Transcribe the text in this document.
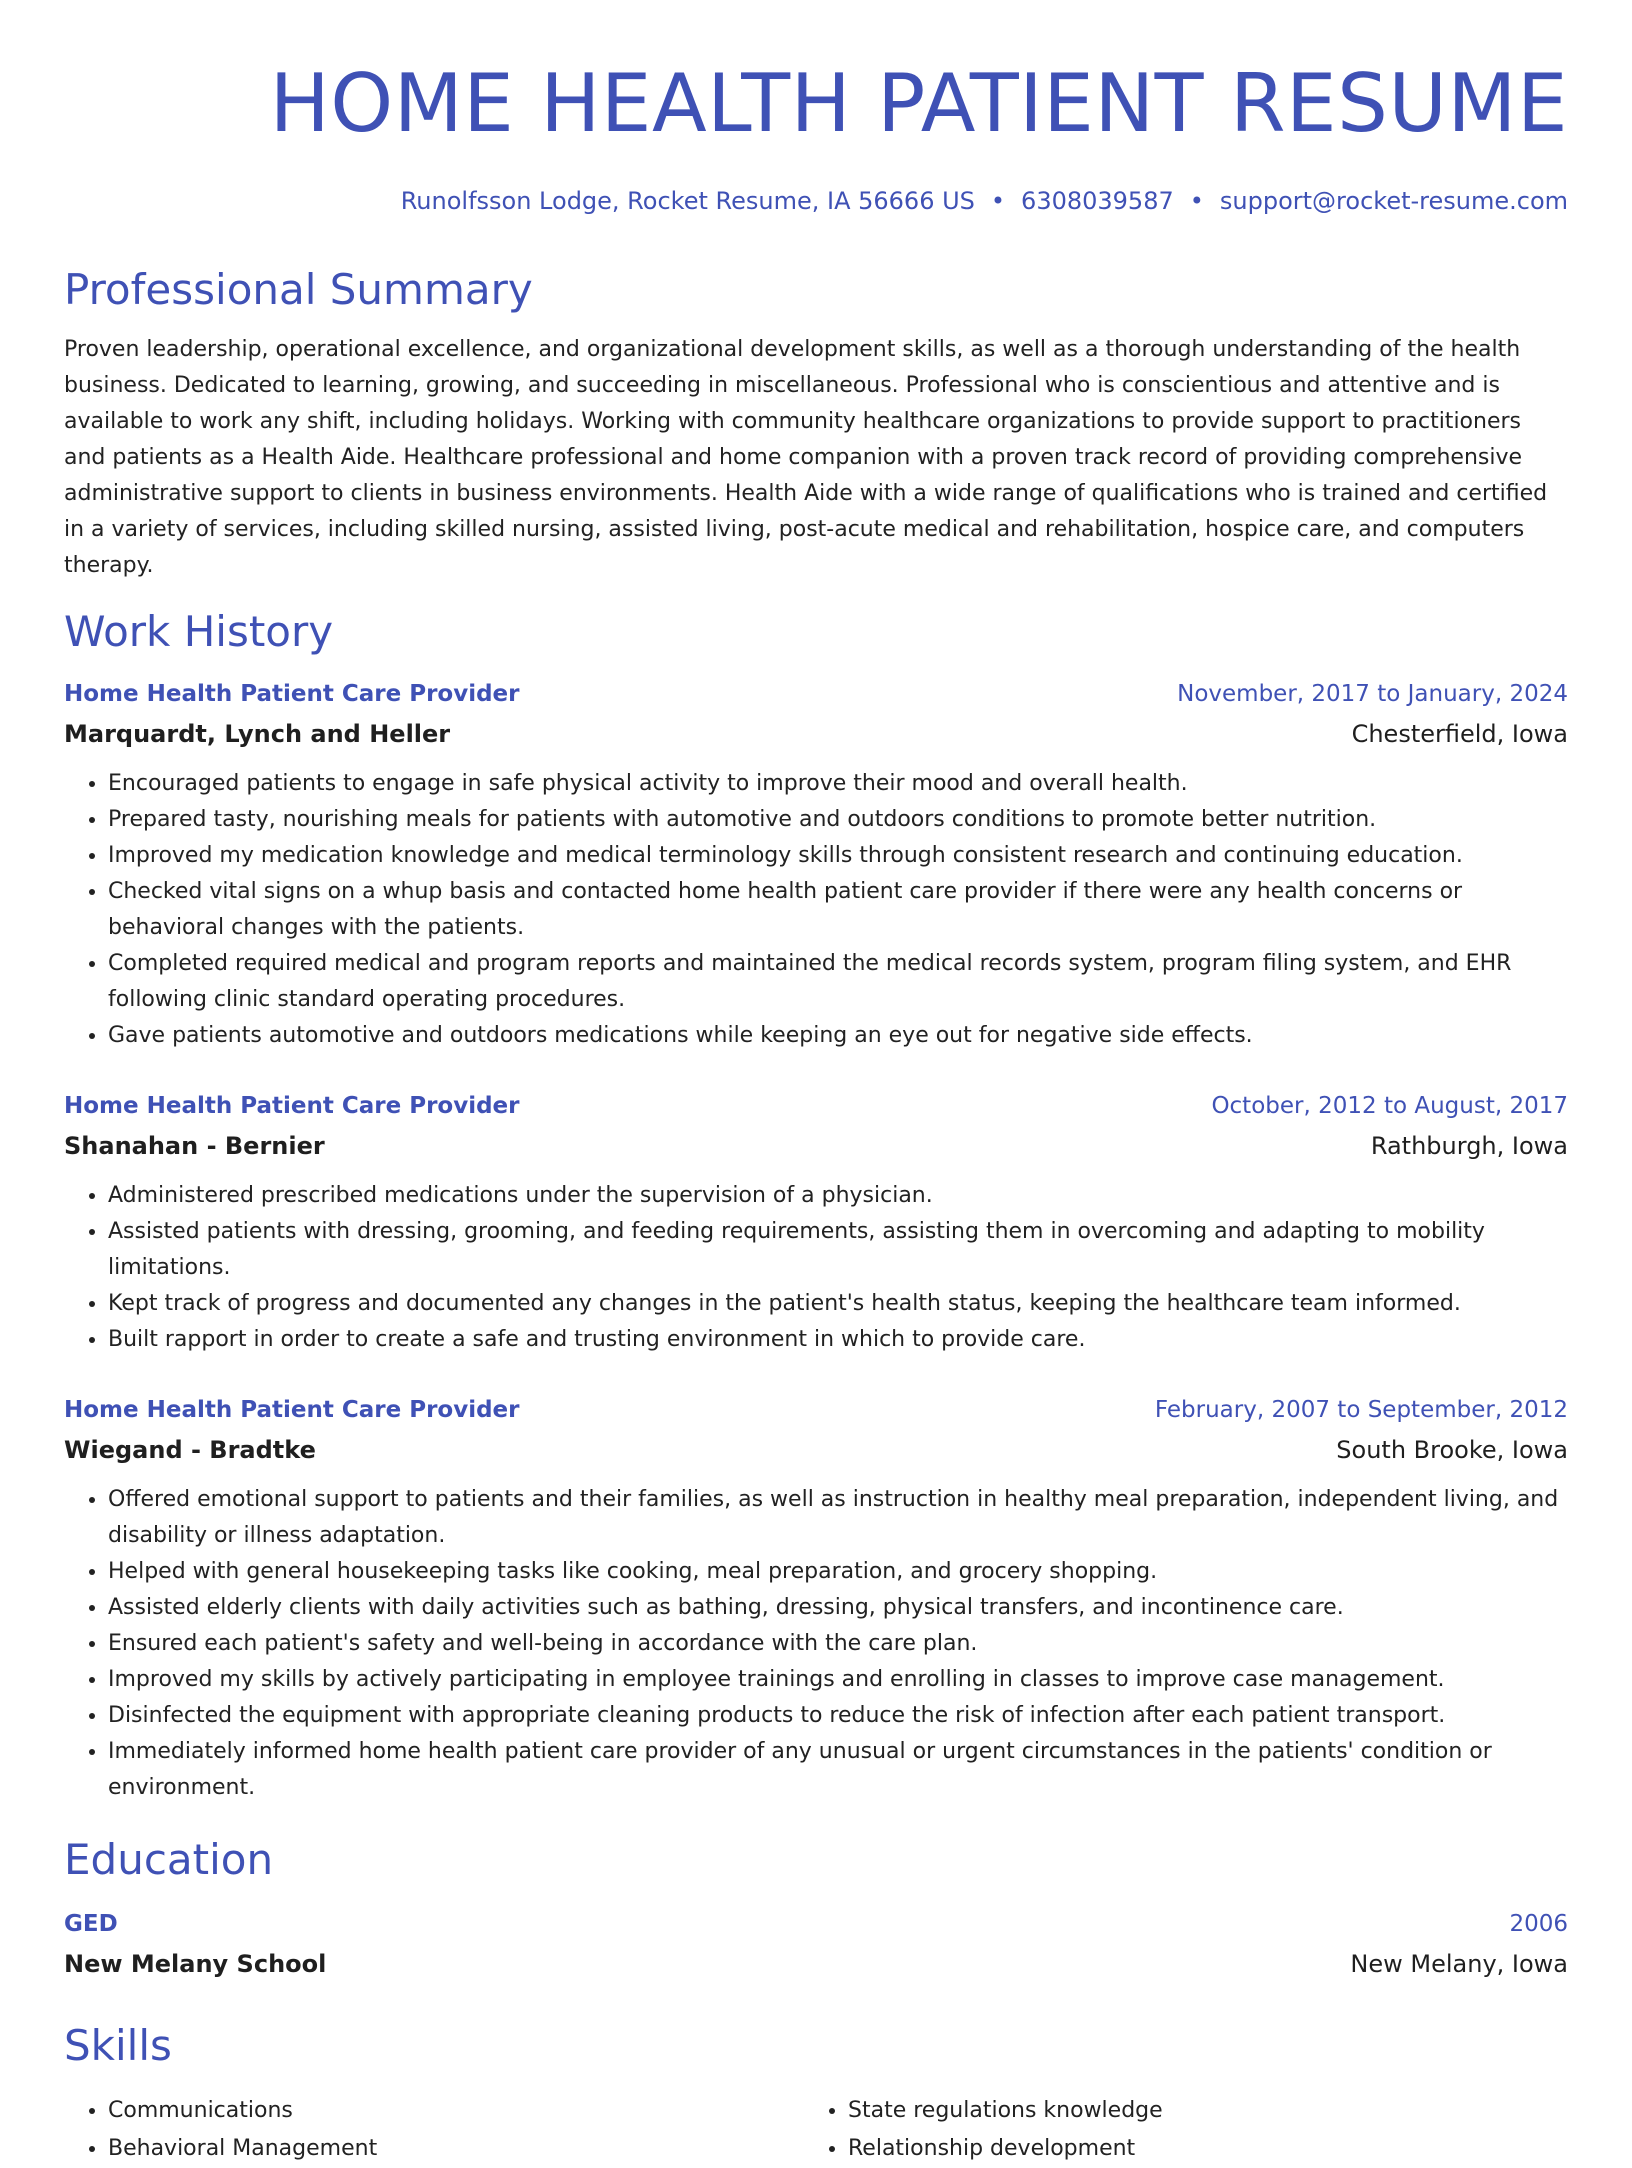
HOME HEALTH PATIENT RESUME
Runolfsson Lodge, Rocket Resume, IA 56666 US • 6308039587 • support@rocket-resume.com
Professional Summary
Proven leadership, operational excellence, and organizational development skills, as well as a thorough understanding of the health business. Dedicated to learning, growing, and succeeding in miscellaneous. Professional who is conscientious and attentive and is available to work any shift, including holidays. Working with community healthcare organizations to provide support to practitioners and patients as a Health Aide. Healthcare professional and home companion with a proven track record of providing comprehensive administrative support to clients in business environments. Health Aide with a wide range of qualifications who is trained and certified in a variety of services, including skilled nursing, assisted living, post-acute medical and rehabilitation, hospice care, and computers therapy.
Work History
Home Health Patient Care Provider	November, 2017 to January, 2024
Marquardt, Lynch and Heller	Chesterfield, Iowa
• Encouraged patients to engage in safe physical activity to improve their mood and overall health.
• Prepared tasty, nourishing meals for patients with automotive and outdoors conditions to promote better nutrition.
• Improved my medication knowledge and medical terminology skills through consistent research and continuing education.
• Checked vital signs on a whup basis and contacted home health patient care provider if there were any health concerns or behavioral changes with the patients.
• Completed required medical and program reports and maintained the medical records system, program filing system, and EHR following clinic standard operating procedures.
• Gave patients automotive and outdoors medications while keeping an eye out for negative side effects.
Home Health Patient Care Provider	October, 2012 to August, 2017
Shanahan - Bernier	Rathburgh, Iowa
• Administered prescribed medications under the supervision of a physician.
• Assisted patients with dressing, grooming, and feeding requirements, assisting them in overcoming and adapting to mobility limitations.
• Kept track of progress and documented any changes in the patient's health status, keeping the healthcare team informed.
• Built rapport in order to create a safe and trusting environment in which to provide care.
Home Health Patient Care Provider	February, 2007 to September, 2012
Wiegand - Bradtke	South Brooke, Iowa
• Offered emotional support to patients and their families, as well as instruction in healthy meal preparation, independent living, and disability or illness adaptation.
• Helped with general housekeeping tasks like cooking, meal preparation, and grocery shopping.
• Assisted elderly clients with daily activities such as bathing, dressing, physical transfers, and incontinence care.
• Ensured each patient's safety and well-being in accordance with the care plan.
• Improved my skills by actively participating in employee trainings and enrolling in classes to improve case management.
• Disinfected the equipment with appropriate cleaning products to reduce the risk of infection after each patient transport.
• Immediately informed home health patient care provider of any unusual or urgent circumstances in the patients' condition or environment.
Education
GED	2006
New Melany School	New Melany, Iowa
Skills
• Communications
• Behavioral Management
• State regulations knowledge
• Relationship development
